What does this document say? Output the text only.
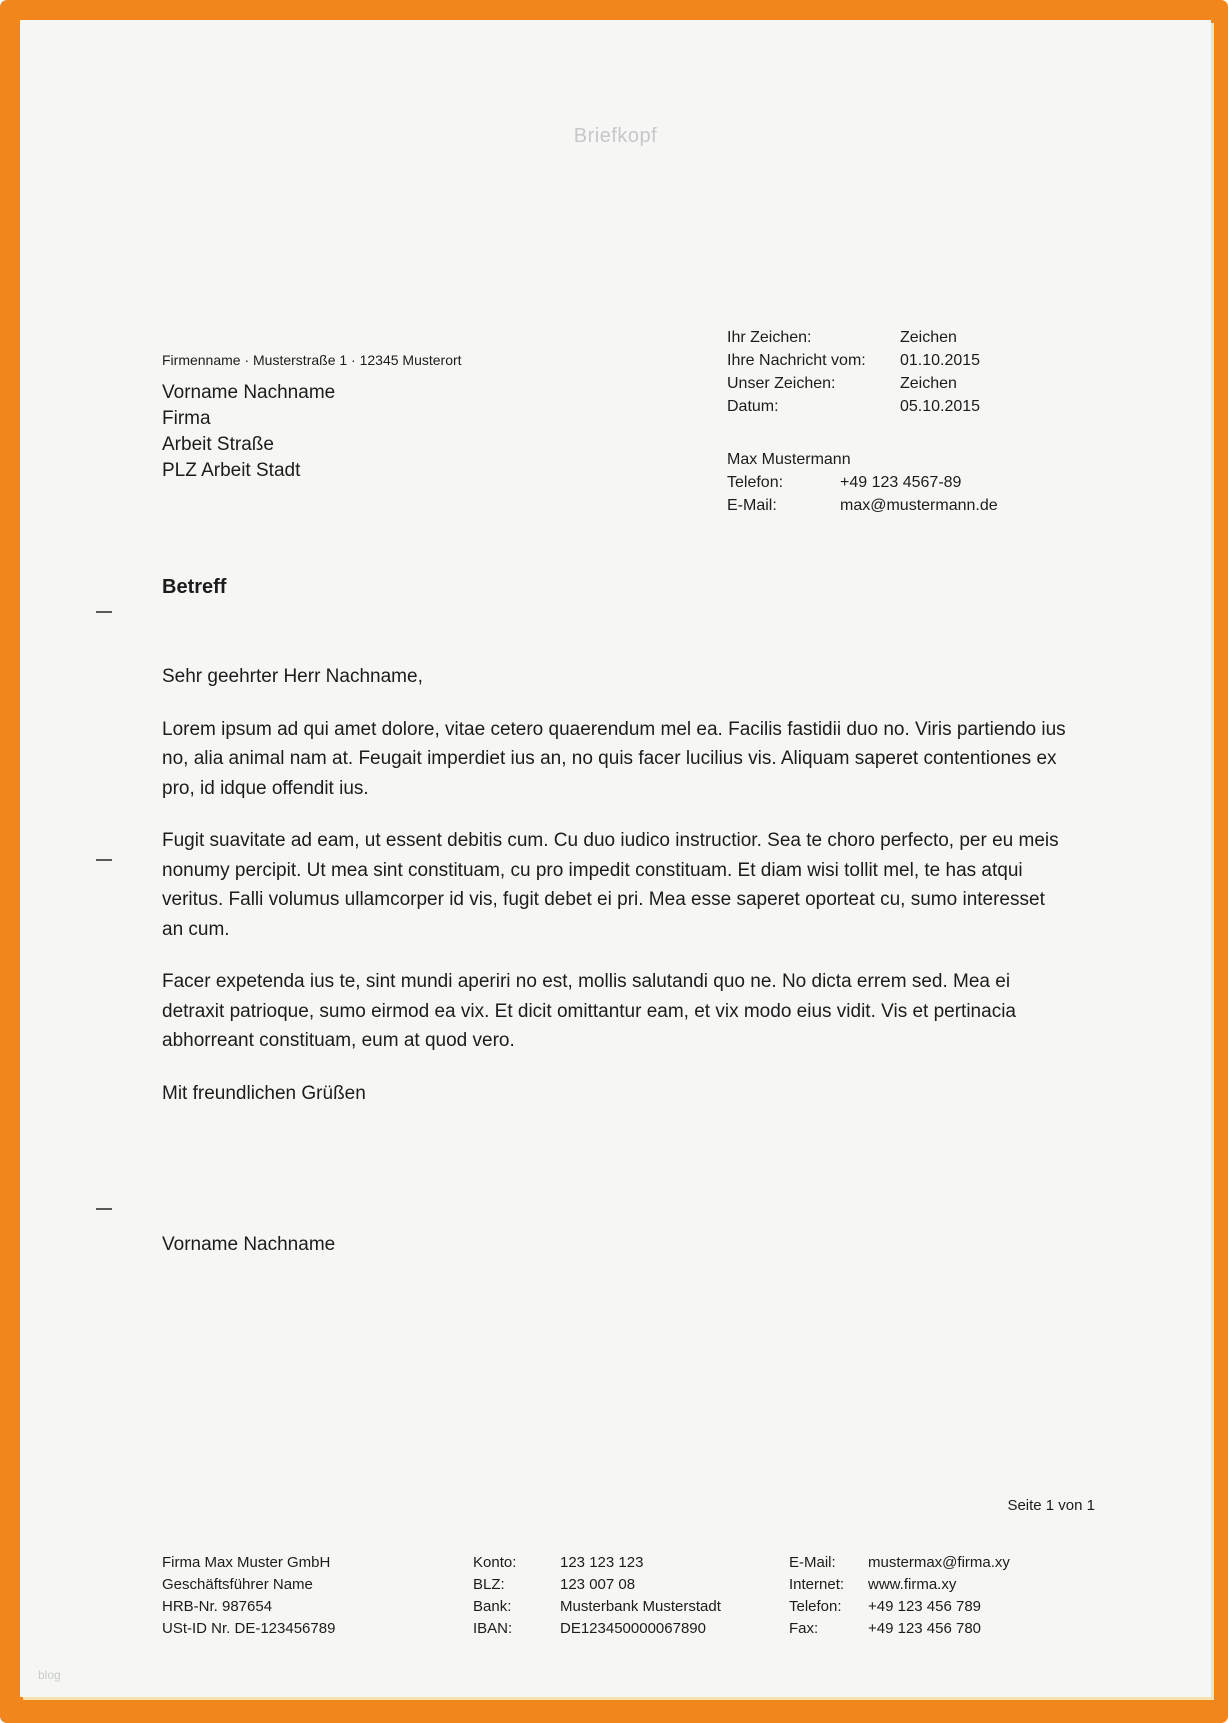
Briefkopf
Firmenname · Musterstraße 1 · 12345 Musterort
Vorname Nachname
Firma
Arbeit Straße
PLZ Arbeit Stadt
Ihr Zeichen:	Zeichen
Ihre Nachricht vom:	01.10.2015
Unser Zeichen:	Zeichen
Datum:	05.10.2015
Max Mustermann
Telefon:	+49 123 4567-89
E-Mail:	max@mustermann.de
Betreff

Sehr geehrter Herr Nachname,

Lorem ipsum ad qui amet dolore, vitae cetero quaerendum mel ea. Facilis fastidii duo no. Viris partiendo ius no, alia animal nam at. Feugait imperdiet ius an, no quis facer lucilius vis. Aliquam saperet contentiones ex pro, id idque offendit ius.

Fugit suavitate ad eam, ut essent debitis cum. Cu duo iudico instructior. Sea te choro perfecto, per eu meis nonumy percipit. Ut mea sint constituam, cu pro impedit constituam. Et diam wisi tollit mel, te has atqui veritus. Falli volumus ullamcorper id vis, fugit debet ei pri. Mea esse saperet oporteat cu, sumo interesset an cum.

Facer expetenda ius te, sint mundi aperiri no est, mollis salutandi quo ne. No dicta errem sed. Mea ei detraxit patrioque, sumo eirmod ea vix. Et dicit omittantur eam, et vix modo eius vidit. Vis et pertinacia abhorreant constituam, eum at quod vero.

Mit freundlichen Grüßen

Vorname Nachname
Seite 1 von 1
Firma Max Muster GmbH
Geschäftsführer Name
HRB-Nr. 987654
USt-ID Nr. DE-123456789
Konto:	123 123 123
BLZ:	123 007 08
Bank:	Musterbank Musterstadt
IBAN:	DE123450000067890
E-Mail:	mustermax@firma.xy
Internet:	www.firma.xy
Telefon:	+49 123 456 789
Fax:	+49 123 456 780
blog
